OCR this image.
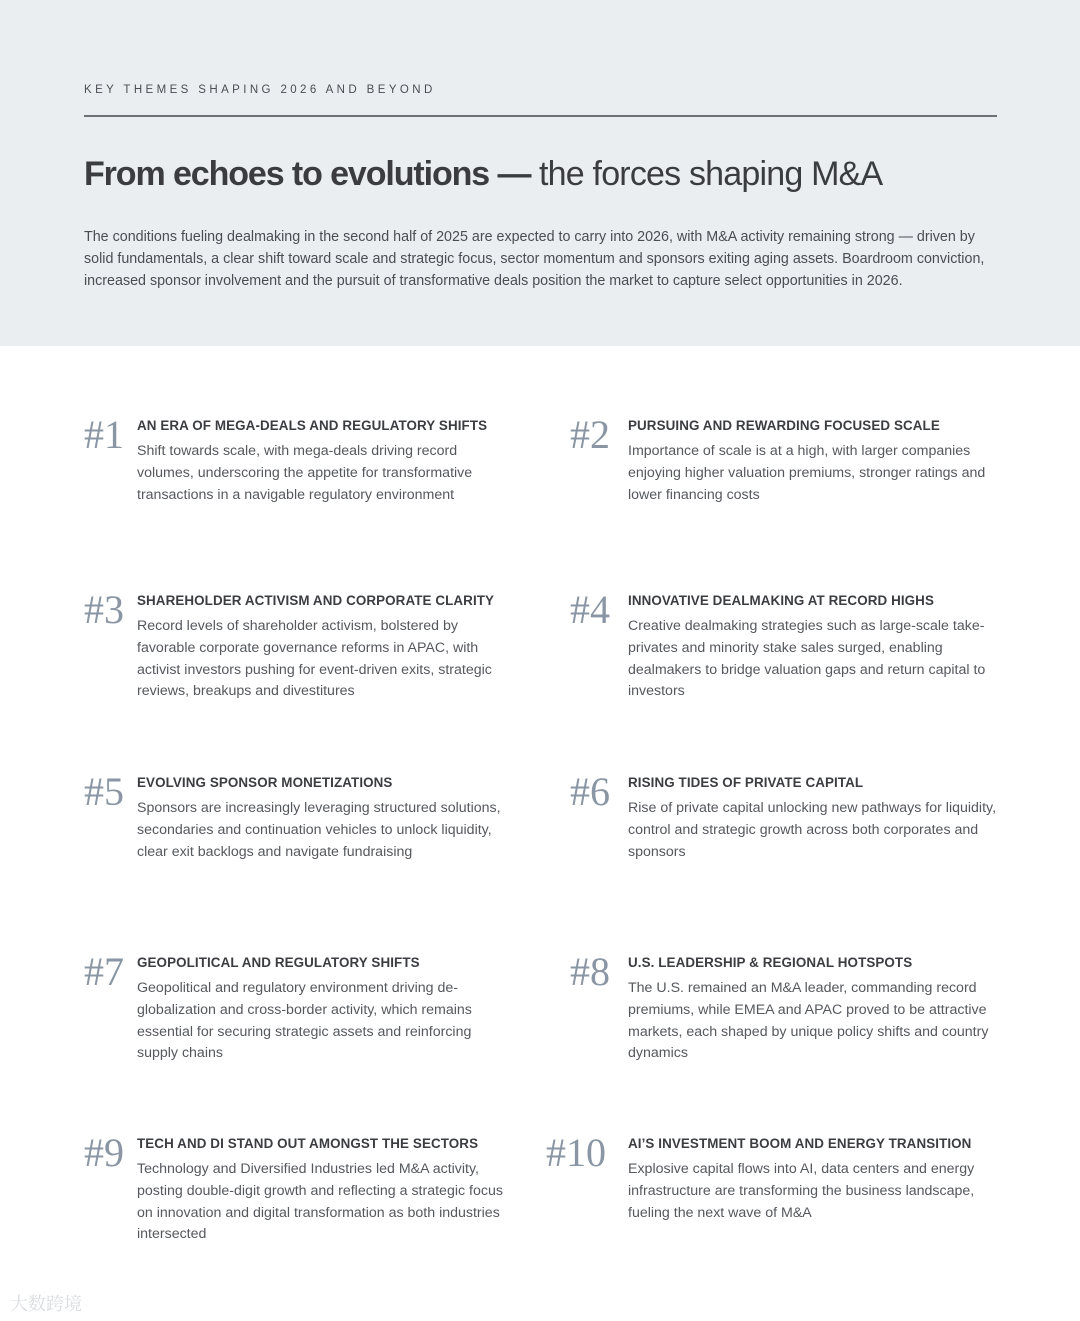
KEY THEMES SHAPING 2026 AND BEYOND
From echoes to evolutions — the forces shaping M&A

The conditions fueling dealmaking in the second half of 2025 are expected to carry into 2026, with M&A activity remaining strong — driven by solid fundamentals, a clear shift toward scale and strategic focus, sector momentum and sponsors exiting aging assets. Boardroom conviction, increased sponsor involvement and the pursuit of transformative deals position the market to capture select opportunities in 2026.

#1 AN ERA OF MEGA-DEALS AND REGULATORY SHIFTS

Shift towards scale, with mega-deals driving record volumes, underscoring the appetite for transformative transactions in a navigable regulatory environment

#2 PURSUING AND REWARDING FOCUSED SCALE

Importance of scale is at a high, with larger companies enjoying higher valuation premiums, stronger ratings and lower financing costs

#3 SHAREHOLDER ACTIVISM AND CORPORATE CLARITY

Record levels of shareholder activism, bolstered by favorable corporate governance reforms in APAC, with activist investors pushing for event-driven exits, strategic reviews, breakups and divestitures

#4 INNOVATIVE DEALMAKING AT RECORD HIGHS

Creative dealmaking strategies such as large-scale take-privates and minority stake sales surged, enabling dealmakers to bridge valuation gaps and return capital to investors

#5 EVOLVING SPONSOR MONETIZATIONS

Sponsors are increasingly leveraging structured solutions, secondaries and continuation vehicles to unlock liquidity, clear exit backlogs and navigate fundraising

#6 RISING TIDES OF PRIVATE CAPITAL

Rise of private capital unlocking new pathways for liquidity, control and strategic growth across both corporates and sponsors

#7 GEOPOLITICAL AND REGULATORY SHIFTS

Geopolitical and regulatory environment driving de-globalization and cross-border activity, which remains essential for securing strategic assets and reinforcing supply chains

#8 U.S. LEADERSHIP & REGIONAL HOTSPOTS

The U.S. remained an M&A leader, commanding record premiums, while EMEA and APAC proved to be attractive markets, each shaped by unique policy shifts and country dynamics

#9 TECH AND DI STAND OUT AMONGST THE SECTORS

Technology and Diversified Industries led M&A activity, posting double-digit growth and reflecting a strategic focus on innovation and digital transformation as both industries intersected

#10 AI’S INVESTMENT BOOM AND ENERGY TRANSITION

Explosive capital flows into AI, data centers and energy infrastructure are transforming the business landscape, fueling the next wave of M&A

大数跨境
